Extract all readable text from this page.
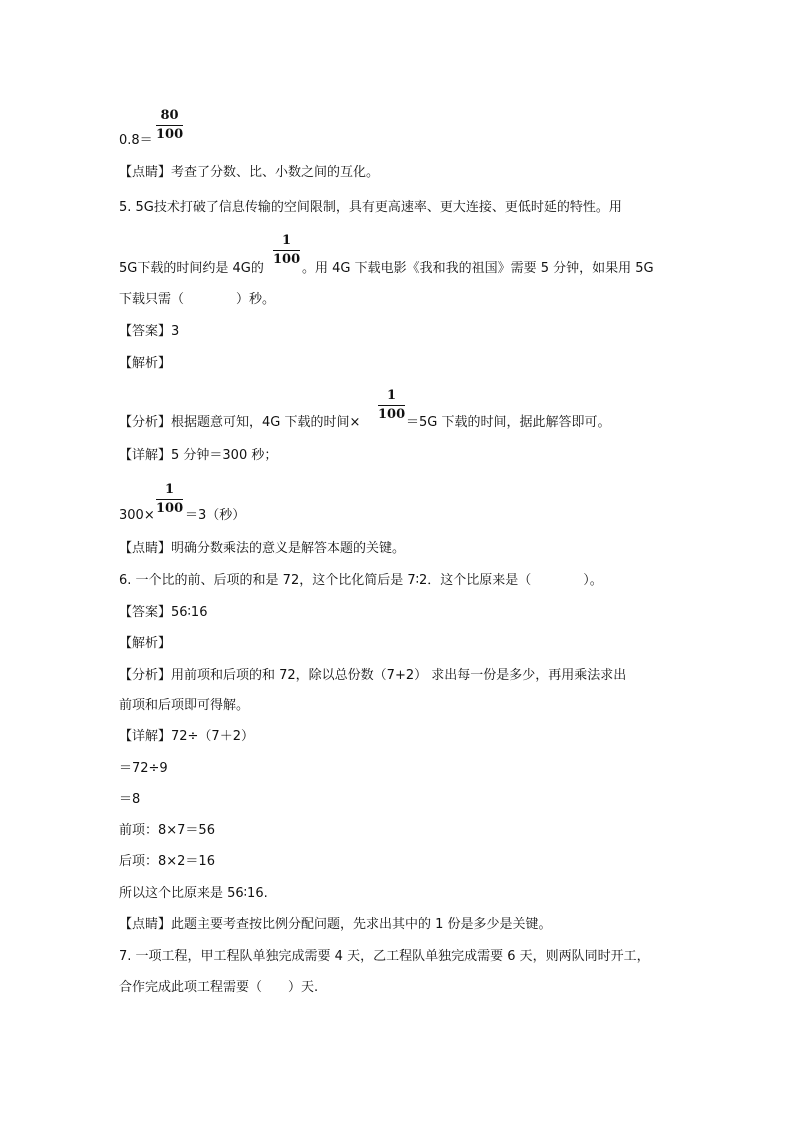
80
100
0.8＝
【点睛】考查了分数、比、小数之间的互化。
5. 5G技术打破了信息传输的空间限制，具有更高速率、更大连接、更低时延的特性。用
1
100
5G下载的时间约是 4G的	。用 4G 下载电影《我和我的祖国》需要 5 分钟，如果用 5G
下载只需（　　　　）秒。
【答案】3
【解析】
1
100
【分析】根据题意可知，4G 下载的时间×	＝5G 下载的时间，据此解答即可。
【详解】5 分钟＝300 秒；
1
100
300× ＝3（秒）
【点睛】明确分数乘法的意义是解答本题的关键。
6. 一个比的前、后项的和是 72，这个比化简后是 7∶2．这个比原来是（　　　　）。
【答案】56∶16
【解析】
【分析】用前项和后项的和 72，除以总份数（7+2） 求出每一份是多少，再用乘法求出
前项和后项即可得解。
【详解】72÷（7＋2）
＝72÷9
＝8
前项：8×7＝56
后项：8×2＝16
所以这个比原来是 56∶16.
【点睛】此题主要考查按比例分配问题，先求出其中的 1 份是多少是关键。
7. 一项工程，甲工程队单独完成需要 4 天，乙工程队单独完成需要 6 天，则两队同时开工，
合作完成此项工程需要（　　）天.
